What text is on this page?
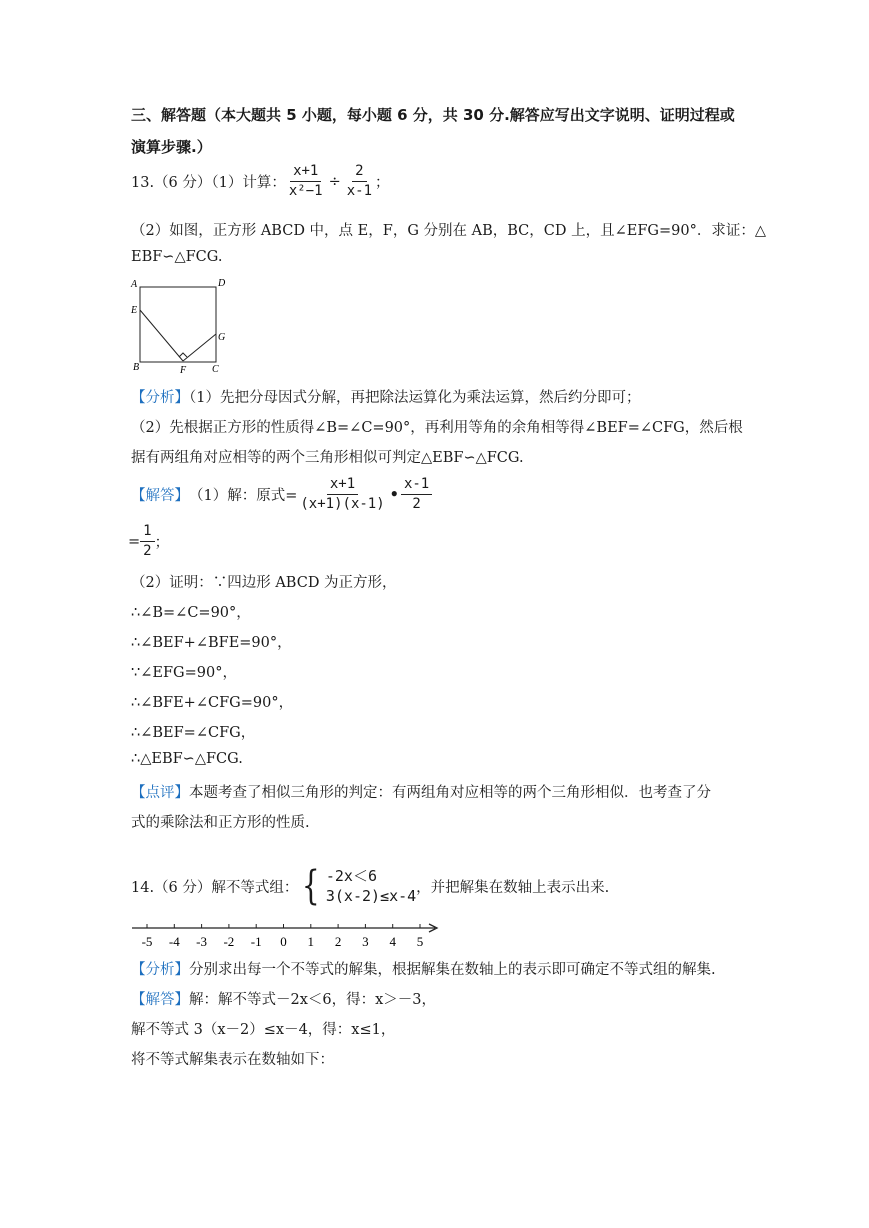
三、解答题（本大题共 5 小题，每小题 6 分，共 30 分.解答应写出文字说明、证明过程或
演算步骤.）
13.（6 分）（1）计算： $\frac{x+1}{\text{x²−1}} \div \frac{2}{x-1}$ ；
（2）如图，正方形 ABCD 中，点 E，F，G 分别在 AB，BC，CD 上，且∠EFG=90°．求证：△
EBF∽△FCG.
A	D
E
G
B	F	C
【分析】（1）先把分母因式分解，再把除法运算化为乘法运算，然后约分即可；
（2）先根据正方形的性质得∠B=∠C=90°，再利用等角的余角相等得∠BEF=∠CFG，然后根
据有两组角对应相等的两个三角形相似可判定△EBF∽△FCG.
【解答】 （1）解：原式= $\frac{x+1}{(x+1)(x-1)}$ • $\frac{x-1}{2}$
= $\frac{1}{2}$ ；
（2）证明：∵四边形 ABCD 为正方形，
∴∠B=∠C=90°，
∴∠BEF+∠BFE=90°，
∵∠EFG=90°，
∴∠BFE+∠CFG=90°，
∴∠BEF=∠CFG，
∴△EBF∽△FCG.
【点评】本题考查了相似三角形的判定：有两组角对应相等的两个三角形相似．也考查了分
式的乘除法和正方形的性质.
14.（6 分）解不等式组： { -2x＜6
3(x-2)≤x-4 ，并把解集在数轴上表示出来.
-5 -4 -3 -2 -1 0 1 2 3 4 5
【分析】分别求出每一个不等式的解集，根据解集在数轴上的表示即可确定不等式组的解集.
【解答】解：解不等式－2x＜6，得：x＞－3，
解不等式 3（x－2）≤x－4，得：x≤1，
将不等式解集表示在数轴如下：
